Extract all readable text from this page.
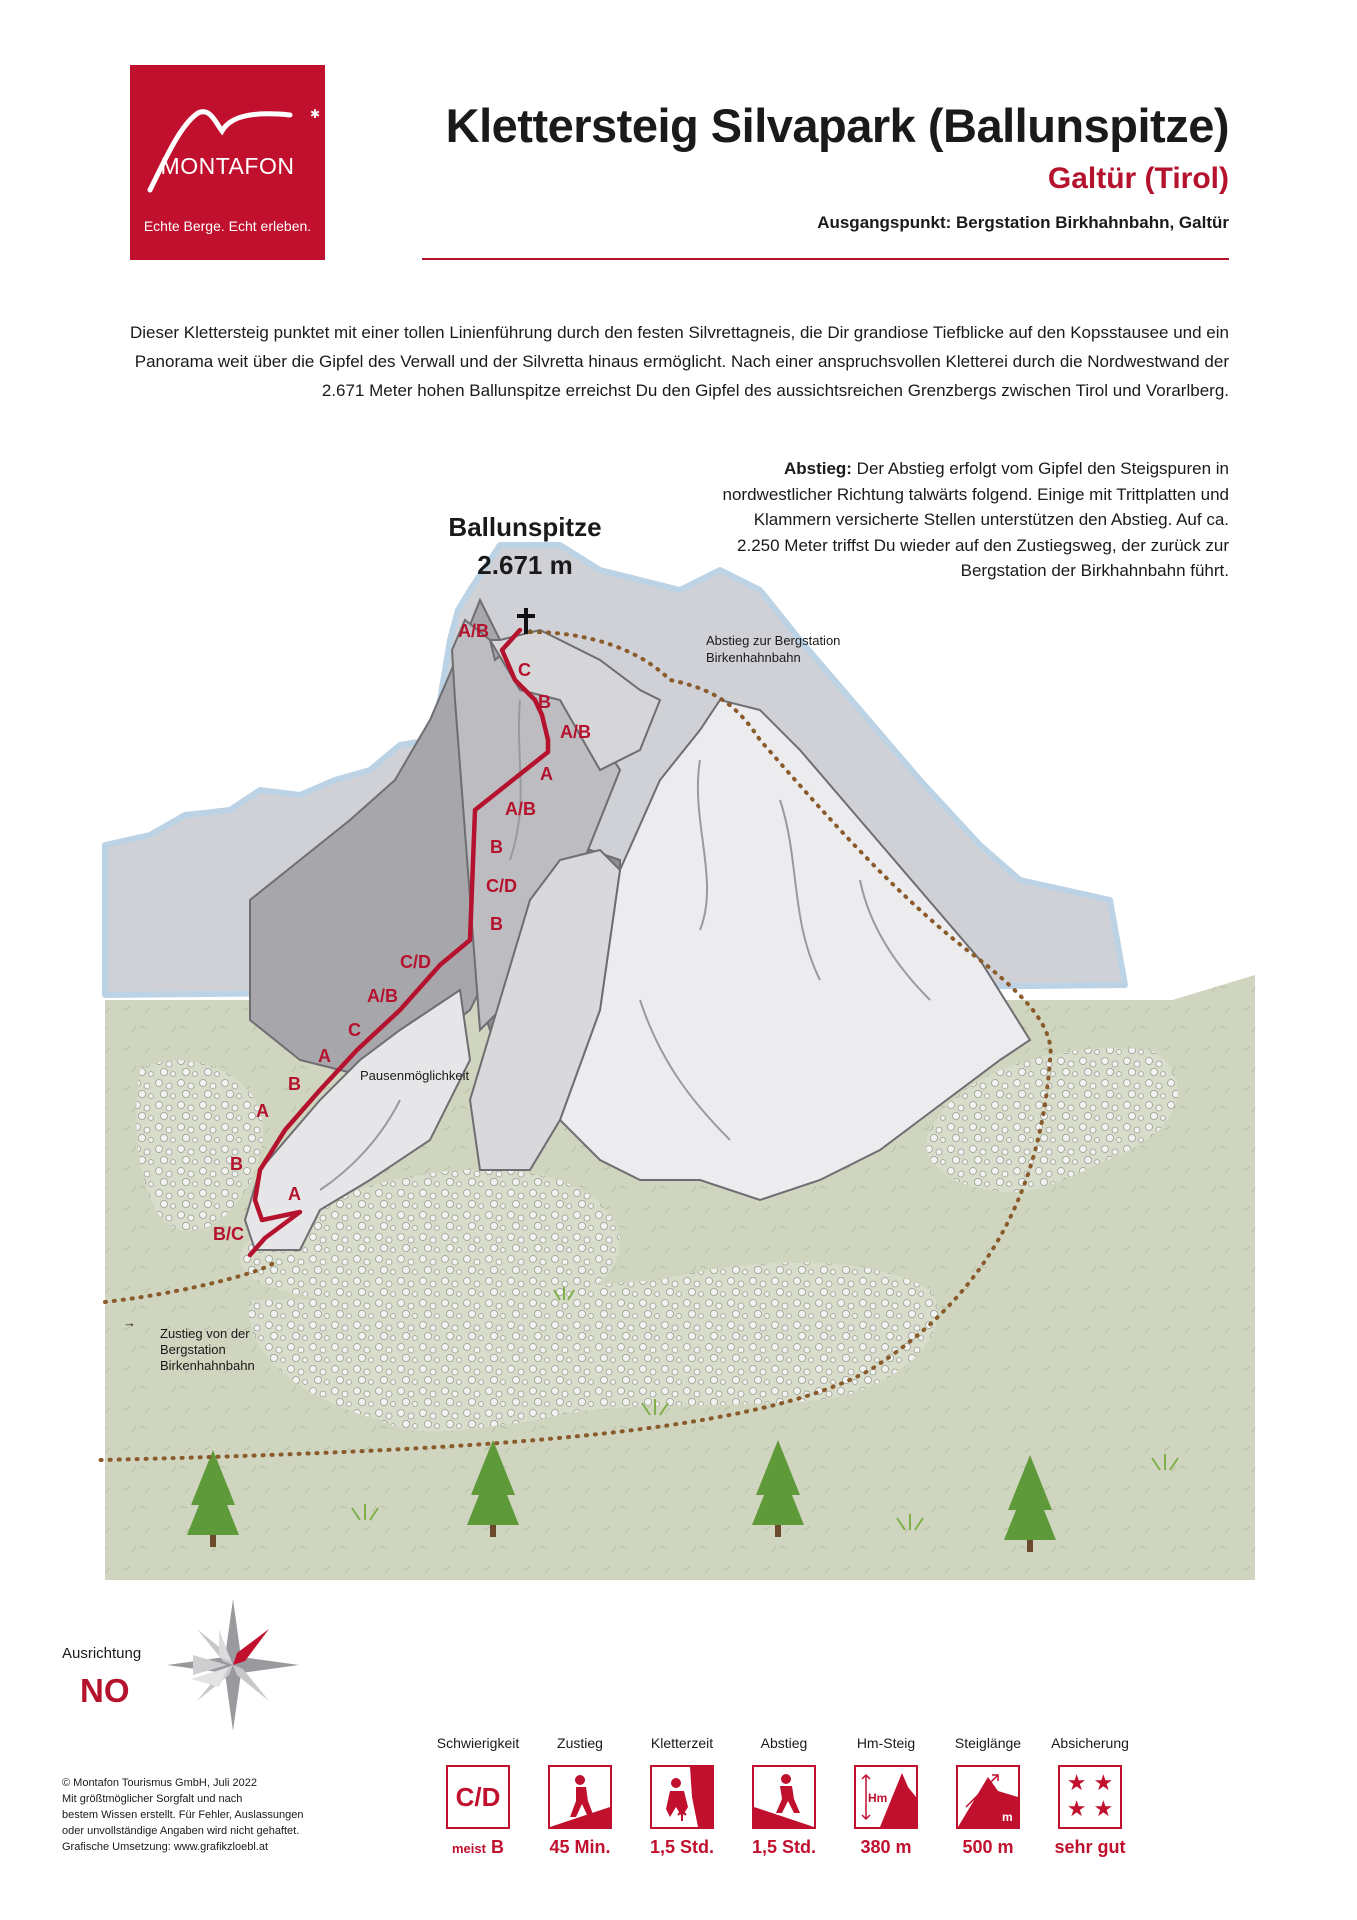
✱
MONTAFON
Echte Berge. Echt erleben.
Klettersteig Silvapark (Ballunspitze)
Galtür (Tirol)
Ausgangspunkt: Bergstation Birkhahnbahn, Galtür
Dieser Klettersteig punktet mit einer tollen Linienführung durch den festen Silvrettagneis, die Dir grandiose Tiefblicke auf den Kopsstausee und ein Panorama weit über die Gipfel des Verwall und der Silvretta hinaus ermöglicht. Nach einer anspruchsvollen Kletterei durch die Nordwestwand der 2.671 Meter hohen Ballunspitze erreichst Du den Gipfel des aussichtsreichen Grenzbergs zwischen Tirol und Vorarlberg.
Abstieg: Der Abstieg erfolgt vom Gipfel den Steigspuren in nordwestlicher Richtung talwärts folgend. Einige mit Trittplatten und Klammern versicherte Stellen unterstützen den Abstieg. Auf ca. 2.250 Meter triffst Du wieder auf den Zustiegsweg, der zurück zur Bergstation der Birkhahnbahn führt.
Ballunspitze
2.671 m
A/B
C
B
A/B
A
A/B
B
C/D
B
C/D
A/B
C
A
B
A
B
A
B/C
Abstieg zur Bergstation
Birkenhahnbahn
Pausenmöglichkeit
→
Zustieg von der
Bergstation
Birkenhahnbahn
Ausrichtung
NO
© Montafon Tourismus GmbH, Juli 2022
Mit größtmöglicher Sorgfalt und nach
bestem Wissen erstellt. Für Fehler, Auslassungen
oder unvollständige Angaben wird nicht gehaftet.
Grafische Umsetzung: www.grafikzloebl.at
Schwierigkeit
C/D
meist B
Zustieg
45 Min.
Kletterzeit
1,5 Std.
Abstieg
1,5 Std.
Hm-Steig
Hm
380 m
Steiglänge
m
500 m
Absicherung
★ ★
★ ★
sehr gut
